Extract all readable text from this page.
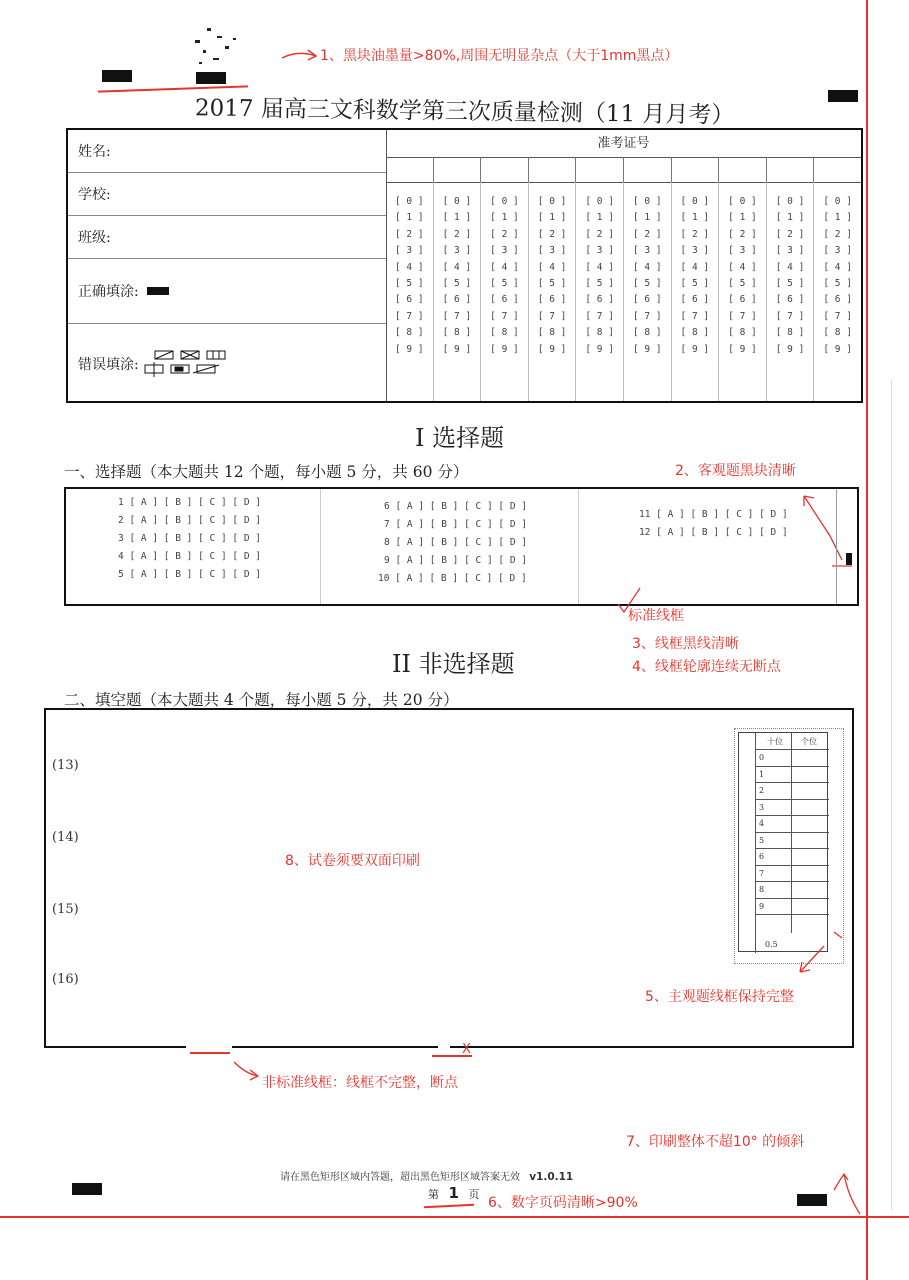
1、黑块油墨量>80%,周围无明显杂点（大于1mm黑点）
2017 届高三文科数学第三次质量检测（11 月月考）
姓名:
学校:
班级:
正确填涂:
错误填涂:
准考证号
[ 0 ]
[ 1 ]
[ 2 ]
[ 3 ]
[ 4 ]
[ 5 ]
[ 6 ]
[ 7 ]
[ 8 ]
[ 9 ]
[ 0 ]
[ 1 ]
[ 2 ]
[ 3 ]
[ 4 ]
[ 5 ]
[ 6 ]
[ 7 ]
[ 8 ]
[ 9 ]
[ 0 ]
[ 1 ]
[ 2 ]
[ 3 ]
[ 4 ]
[ 5 ]
[ 6 ]
[ 7 ]
[ 8 ]
[ 9 ]
[ 0 ]
[ 1 ]
[ 2 ]
[ 3 ]
[ 4 ]
[ 5 ]
[ 6 ]
[ 7 ]
[ 8 ]
[ 9 ]
[ 0 ]
[ 1 ]
[ 2 ]
[ 3 ]
[ 4 ]
[ 5 ]
[ 6 ]
[ 7 ]
[ 8 ]
[ 9 ]
[ 0 ]
[ 1 ]
[ 2 ]
[ 3 ]
[ 4 ]
[ 5 ]
[ 6 ]
[ 7 ]
[ 8 ]
[ 9 ]
[ 0 ]
[ 1 ]
[ 2 ]
[ 3 ]
[ 4 ]
[ 5 ]
[ 6 ]
[ 7 ]
[ 8 ]
[ 9 ]
[ 0 ]
[ 1 ]
[ 2 ]
[ 3 ]
[ 4 ]
[ 5 ]
[ 6 ]
[ 7 ]
[ 8 ]
[ 9 ]
[ 0 ]
[ 1 ]
[ 2 ]
[ 3 ]
[ 4 ]
[ 5 ]
[ 6 ]
[ 7 ]
[ 8 ]
[ 9 ]
[ 0 ]
[ 1 ]
[ 2 ]
[ 3 ]
[ 4 ]
[ 5 ]
[ 6 ]
[ 7 ]
[ 8 ]
[ 9 ]
I 选择题
一、选择题（本大题共 12 个题，每小题 5 分，共 60 分）	2、客观题黑块清晰
1 [ A ] [ B ] [ C ] [ D ]
2 [ A ] [ B ] [ C ] [ D ]
3 [ A ] [ B ] [ C ] [ D ]
4 [ A ] [ B ] [ C ] [ D ]
5 [ A ] [ B ] [ C ] [ D ]
6 [ A ] [ B ] [ C ] [ D ]
7 [ A ] [ B ] [ C ] [ D ]
8 [ A ] [ B ] [ C ] [ D ]
9 [ A ] [ B ] [ C ] [ D ]
10 [ A ] [ B ] [ C ] [ D ]
11 [ A ] [ B ] [ C ] [ D ]
12 [ A ] [ B ] [ C ] [ D ]
标准线框
3、线框黑线清晰
4、线框轮廓连续无断点
II 非选择题
二、填空题（本大题共 4 个题，每小题 5 分，共 20 分）
(13)
(14)
(15)
(16)
十位 个位
0
1
2
3
4
5
6
7
8
9
0.5
8、试卷须要双面印刷
5、主观题线框保持完整
X
非标准线框：线框不完整，断点
7、印刷整体不超10° 的倾斜
请在黑色矩形区域内答题，超出黑色矩形区域答案无效 v1.0.11
第 1 页
6、数字页码清晰>90%
